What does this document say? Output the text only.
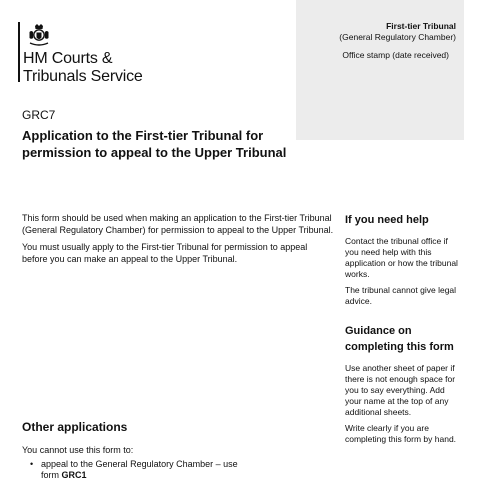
First-tier Tribunal
(General Regulatory Chamber)
Office stamp (date received)
HM Courts &
Tribunals Service
GRC7
Application to the First-tier Tribunal for permission to appeal to the Upper Tribunal

This form should be used when making an application to the First-tier Tribunal (General Regulatory Chamber) for permission to appeal to the Upper Tribunal.

You must usually apply to the First-tier Tribunal for permission to appeal before you can make an appeal to the Upper Tribunal.

Other applications
You cannot use this form to:
• appeal to the General Regulatory Chamber – use form GRC1
If you need help

Contact the tribunal office if you need help with this application or how the tribunal works.

The tribunal cannot give legal advice.

Guidance on completing this form

Use another sheet of paper if there is not enough space for you to say everything. Add your name at the top of any additional sheets.

Write clearly if you are completing this form by hand.
